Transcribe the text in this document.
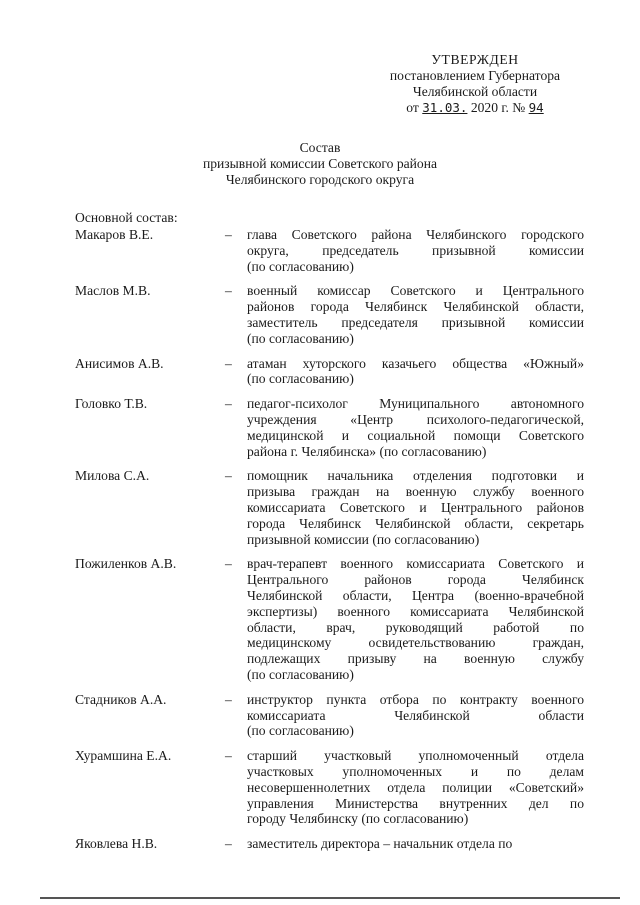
УТВЕРЖДЕН
постановлением Губернатора
Челябинской области
от 31.03. 2020 г. № 94
Состав
призывной комиссии Советского района
Челябинского городского округа
Основной состав:
Макаров В.Е.	–	глава Советского района Челябинского городского
округа, председатель призывной комиссии
(по согласованию)
Маслов М.В.	–	военный комиссар Советского и Центрального
районов города Челябинск Челябинской области,
заместитель председателя призывной комиссии
(по согласованию)
Анисимов А.В.	–	атаман хуторского казачьего общества «Южный»
(по согласованию)
Головко Т.В.	–	педагог-психолог Муниципального автономного
учреждения «Центр психолого-педагогической,
медицинской и социальной помощи Советского
района г. Челябинска» (по согласованию)
Милова С.А.	–	помощник начальника отделения подготовки и
призыва граждан на военную службу военного
комиссариата Советского и Центрального районов
города Челябинск Челябинской области, секретарь
призывной комиссии (по согласованию)
Пожиленков А.В.	–	врач-терапевт военного комиссариата Советского и
Центрального районов города Челябинск
Челябинской области, Центра (военно-врачебной
экспертизы) военного комиссариата Челябинской
области, врач, руководящий работой по
медицинскому освидетельствованию граждан,
подлежащих призыву на военную службу
(по согласованию)
Стадников А.А.	–	инструктор пункта отбора по контракту военного
комиссариата Челябинской области
(по согласованию)
Хурамшина Е.А.	–	старший участковый уполномоченный отдела
участковых уполномоченных и по делам
несовершеннолетних отдела полиции «Советский»
управления Министерства внутренних дел по
городу Челябинску (по согласованию)
Яковлева Н.В.	–	заместитель директора – начальник отдела по
